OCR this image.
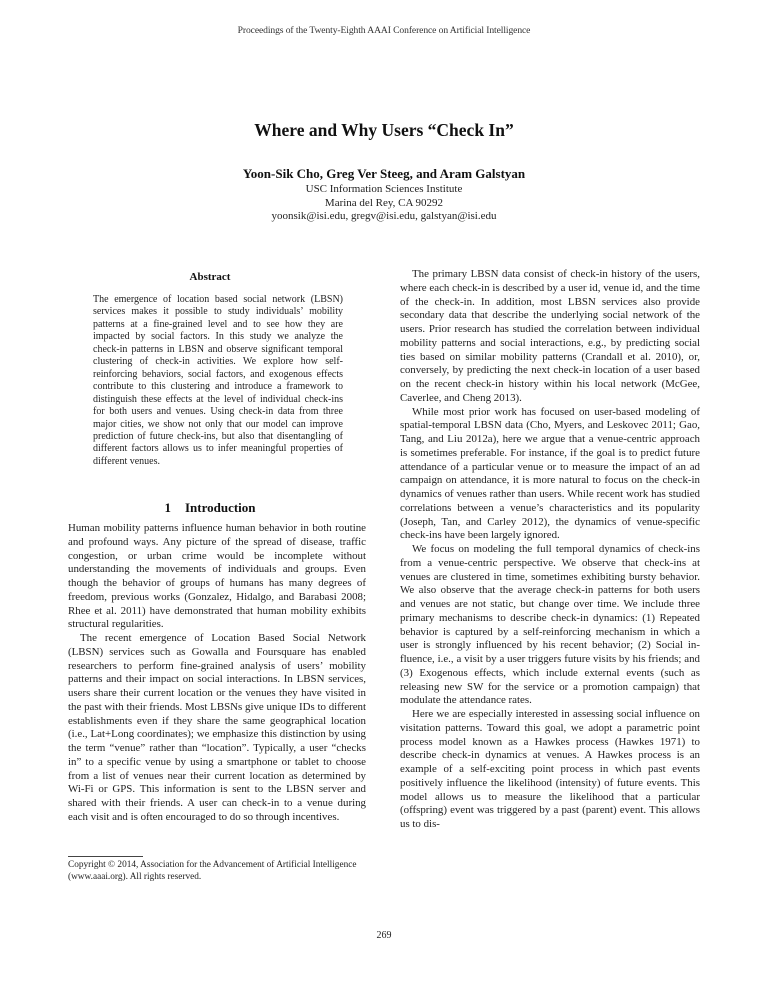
Proceedings of the Twenty-Eighth AAAI Conference on Artificial Intelligence
Where and Why Users “Check In”
Yoon-Sik Cho, Greg Ver Steeg, and Aram Galstyan
USC Information Sciences Institute
Marina del Rey, CA 90292
yoonsik@isi.edu, gregv@isi.edu, galstyan@isi.edu
Abstract
The emergence of location based social network (LBSN) services makes it possible to study individuals’ mobility patterns at a fine-grained level and to see how they are impacted by social factors. In this study we analyze the check-in patterns in LBSN and observe significant temporal clustering of check-in activities. We explore how self-reinforcing behaviors, social factors, and exogenous effects contribute to this clustering and introduce a framework to distinguish these effects at the level of individual check-ins for both users and venues. Using check-in data from three major cities, we show not only that our model can improve prediction of future check-ins, but also that disentangling of different factors allows us to infer meaningful properties of different venues.
1 Introduction

Human mobility patterns influence human behavior in both routine and profound ways. Any picture of the spread of disease, traffic congestion, or urban crime would be incomplete without understanding the movements of individuals and groups. Even though the behavior of groups of humans has many degrees of freedom, previous works (Gonzalez, Hidalgo, and Barabasi 2008; Rhee et al. 2011) have demonstrated that human mobility exhibits structural regularities.

The recent emergence of Location Based Social Network (LBSN) services such as Gowalla and Foursquare has enabled researchers to perform fine-grained analysis of users’ mobility patterns and their impact on social interactions. In LBSN services, users share their current location or the venues they have visited in the past with their friends. Most LBSNs give unique IDs to different establishments even if they share the same geographical location (i.e., Lat+Long coordinates); we emphasize this distinction by using the term “venue” rather than “location”. Typically, a user “checks in” to a specific venue by using a smartphone or tablet to choose from a list of venues near their current location as determined by Wi-Fi or GPS. This information is sent to the LBSN server and shared with their friends. A user can check-in to a venue during each visit and is often encouraged to do so through incentives.

The primary LBSN data consist of check-in history of the users, where each check-in is described by a user id, venue id, and the time of the check-in. In addition, most LBSN services also provide secondary data that describe the underlying social network of the users. Prior research has studied the correlation between individual mobility patterns and social interactions, e.g., by predicting social ties based on similar mobility patterns (Crandall et al. 2010), or, conversely, by predicting the next check-in location of a user based on the recent check-in history within his local network (McGee, Caverlee, and Cheng 2013).

While most prior work has focused on user-based modeling of spatial-temporal LBSN data (Cho, Myers, and Leskovec 2011; Gao, Tang, and Liu 2012a), here we argue that a venue-centric approach is sometimes preferable. For instance, if the goal is to predict future attendance of a particular venue or to measure the impact of an ad campaign on attendance, it is more natural to focus on the check-in dynamics of venues rather than users. While recent work has studied correlations between a venue’s characteristics and its popularity (Joseph, Tan, and Carley 2012), the dynamics of venue-specific check-ins have been largely ignored.

We focus on modeling the full temporal dynamics of check-ins from a venue-centric perspective. We observe that check-ins at venues are clustered in time, sometimes exhibiting bursty behavior. We also observe that the average check-in patterns for both users and venues are not static, but change over time. We include three primary mechanisms to describe check-in dynamics: (1) Repeated behavior is captured by a self-reinforcing mechanism in which a user is strongly influenced by his recent behavior; (2) Social influence, i.e., a visit by a user triggers future visits by his friends; and (3) Exogenous effects, which include external events (such as releasing new SW for the service or a promotion campaign) that modulate the attendance rates.

Here we are especially interested in assessing social influence on visitation patterns. Toward this goal, we adopt a parametric point process model known as a Hawkes process (Hawkes 1971) to describe check-in dynamics at venues. A Hawkes process is an example of a self-exciting point process in which past events positively influence the likelihood (intensity) of future events. This model allows us to measure the likelihood that a particular (offspring) event was triggered by a past (parent) event. This allows us to dis-

Copyright © 2014, Association for the Advancement of Artificial Intelligence (www.aaai.org). All rights reserved.
269
